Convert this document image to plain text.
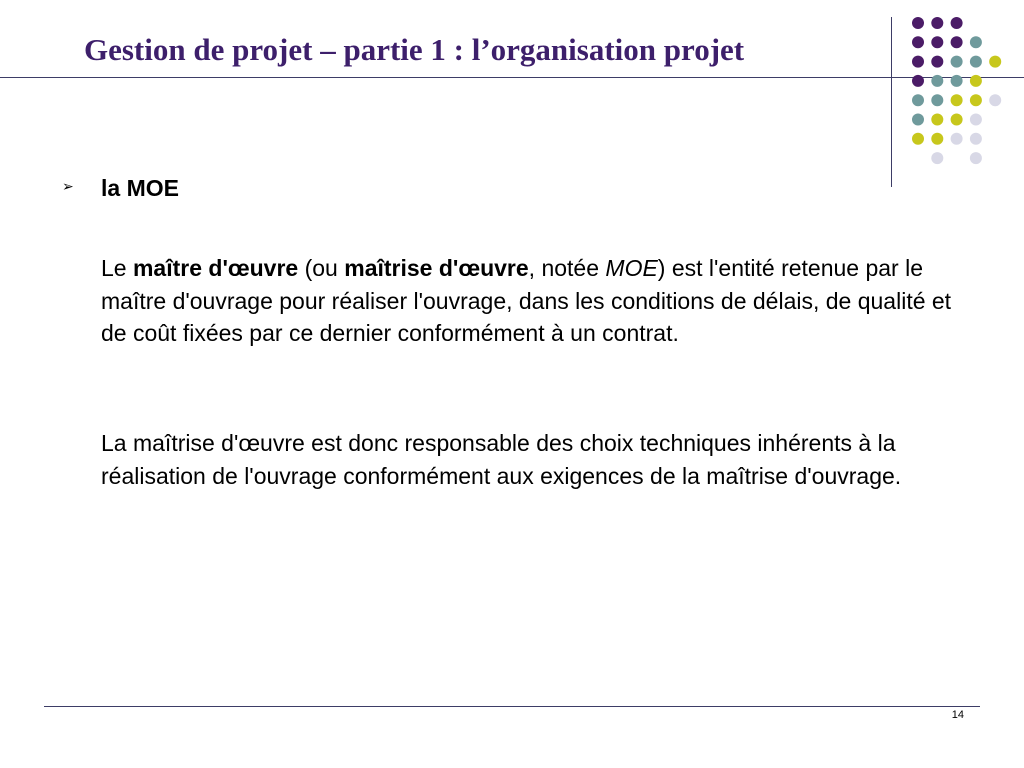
Gestion de projet – partie 1 : l’organisation projet
➢ la MOE

Le maître d'œuvre (ou maîtrise d'œuvre, notée MOE) est l'entité retenue par le maître d'ouvrage pour réaliser l'ouvrage, dans les conditions de délais, de qualité et de coût fixées par ce dernier conformément à un contrat.

La maîtrise d'œuvre est donc responsable des choix techniques inhérents à la réalisation de l'ouvrage conformément aux exigences de la maîtrise d'ouvrage.

14
